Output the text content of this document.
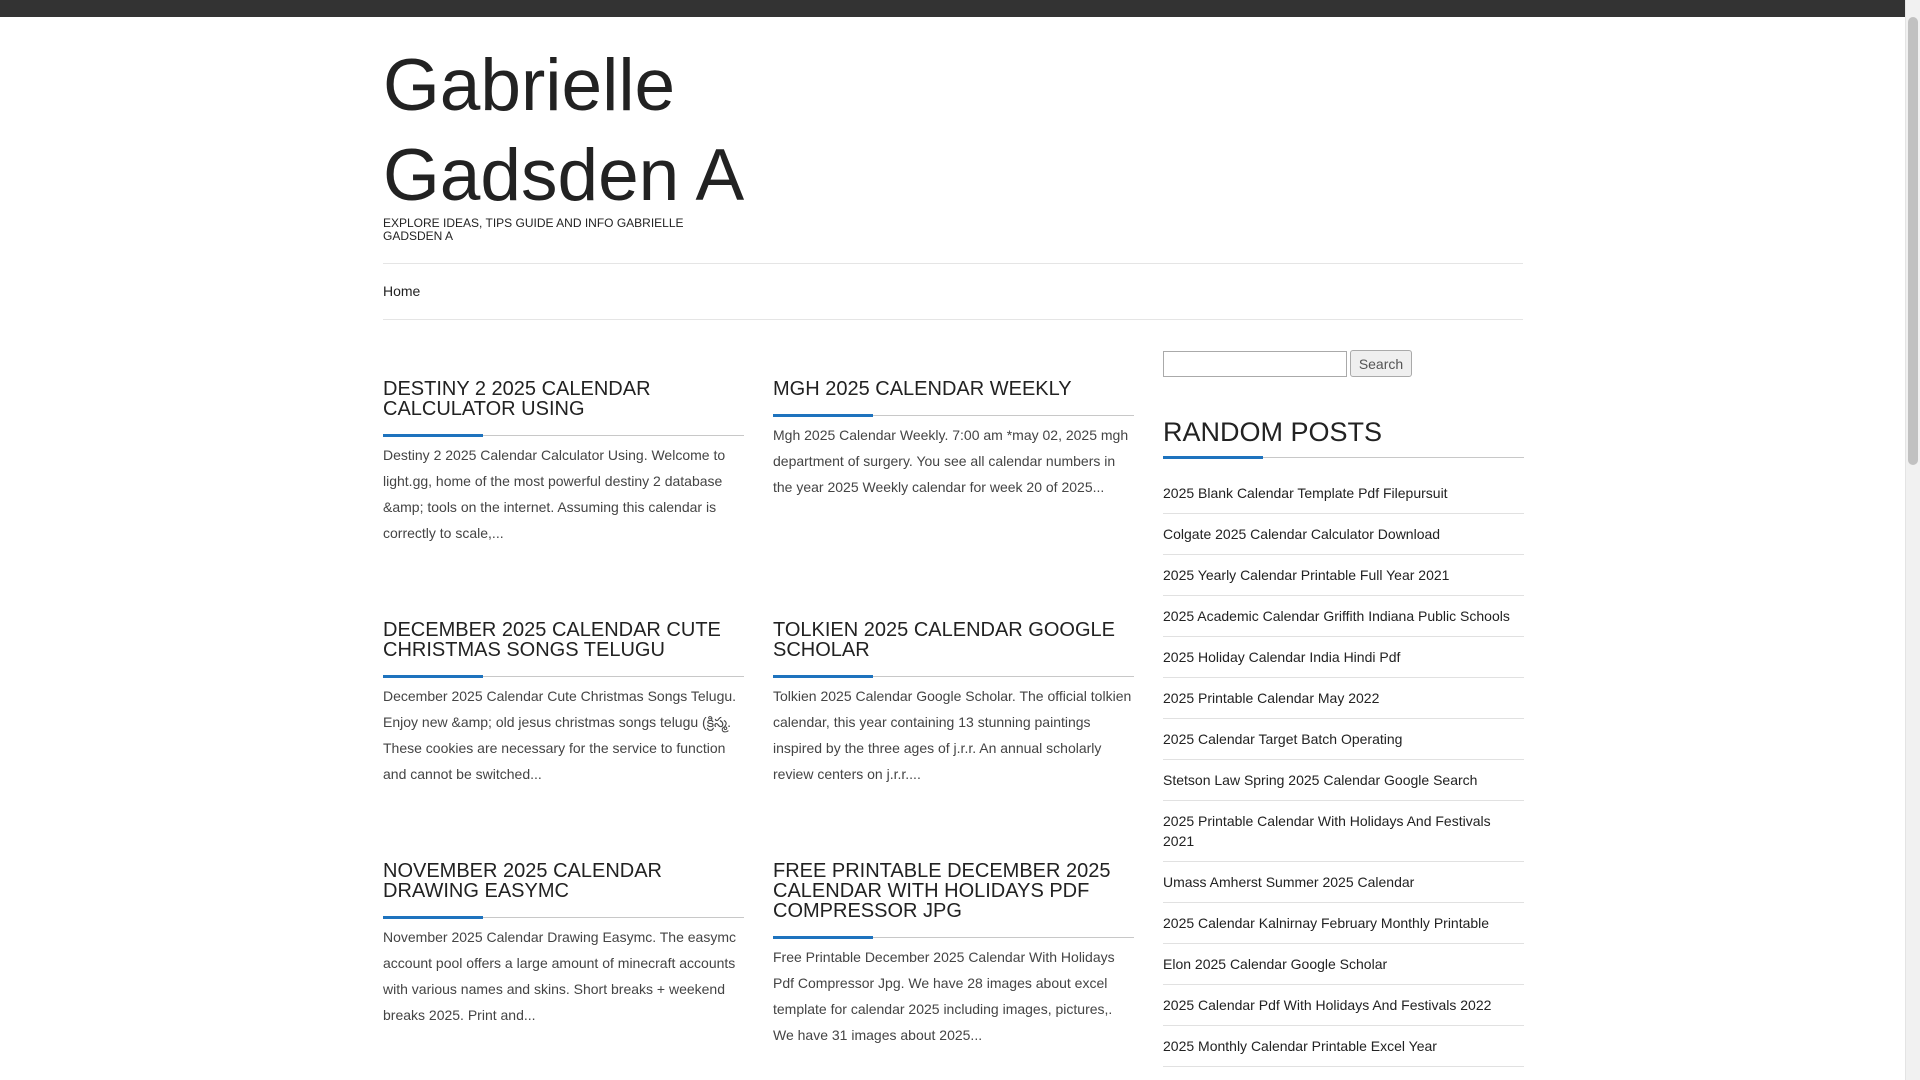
Gabrielle Gadsden A
EXPLORE IDEAS, TIPS GUIDE AND INFO GABRIELLE GADSDEN A
Home
DESTINY 2 2025 CALENDAR CALCULATOR USING

Destiny 2 2025 Calendar Calculator Using. Welcome to light.gg, home of the most powerful destiny 2 database &amp; tools on the internet. Assuming this calendar is correctly to scale,...

MGH 2025 CALENDAR WEEKLY

Mgh 2025 Calendar Weekly. 7:00 am *may 02, 2025 mgh department of surgery. You see all calendar numbers in the year 2025 Weekly calendar for week 20 of 2025...

DECEMBER 2025 CALENDAR CUTE CHRISTMAS SONGS TELUGU

December 2025 Calendar Cute Christmas Songs Telugu. Enjoy new &amp; old jesus christmas songs telugu (క్రిస్మ. These cookies are necessary for the service to function and cannot be switched...

TOLKIEN 2025 CALENDAR GOOGLE SCHOLAR

Tolkien 2025 Calendar Google Scholar. The official tolkien calendar, this year containing 13 stunning paintings inspired by the three ages of j.r.r. An annual scholarly review centers on j.r.r....

NOVEMBER 2025 CALENDAR DRAWING EASYMC

November 2025 Calendar Drawing Easymc. The easymc account pool offers a large amount of minecraft accounts with various names and skins. Short breaks + weekend breaks 2025. Print and...

FREE PRINTABLE DECEMBER 2025 CALENDAR WITH HOLIDAYS PDF COMPRESSOR JPG

Free Printable December 2025 Calendar With Holidays Pdf Compressor Jpg. We have 28 images about excel template for calendar 2025 including images, pictures,. We have 31 images about 2025...

Search
RANDOM POSTS
2025 Blank Calendar Template Pdf Filepursuit
Colgate 2025 Calendar Calculator Download
2025 Yearly Calendar Printable Full Year 2021
2025 Academic Calendar Griffith Indiana Public Schools
2025 Holiday Calendar India Hindi Pdf
2025 Printable Calendar May 2022
2025 Calendar Target Batch Operating
Stetson Law Spring 2025 Calendar Google Search
2025 Printable Calendar With Holidays And Festivals 2021
Umass Amherst Summer 2025 Calendar
2025 Calendar Kalnirnay February Monthly Printable
Elon 2025 Calendar Google Scholar
2025 Calendar Pdf With Holidays And Festivals 2022
2025 Monthly Calendar Printable Excel Year
